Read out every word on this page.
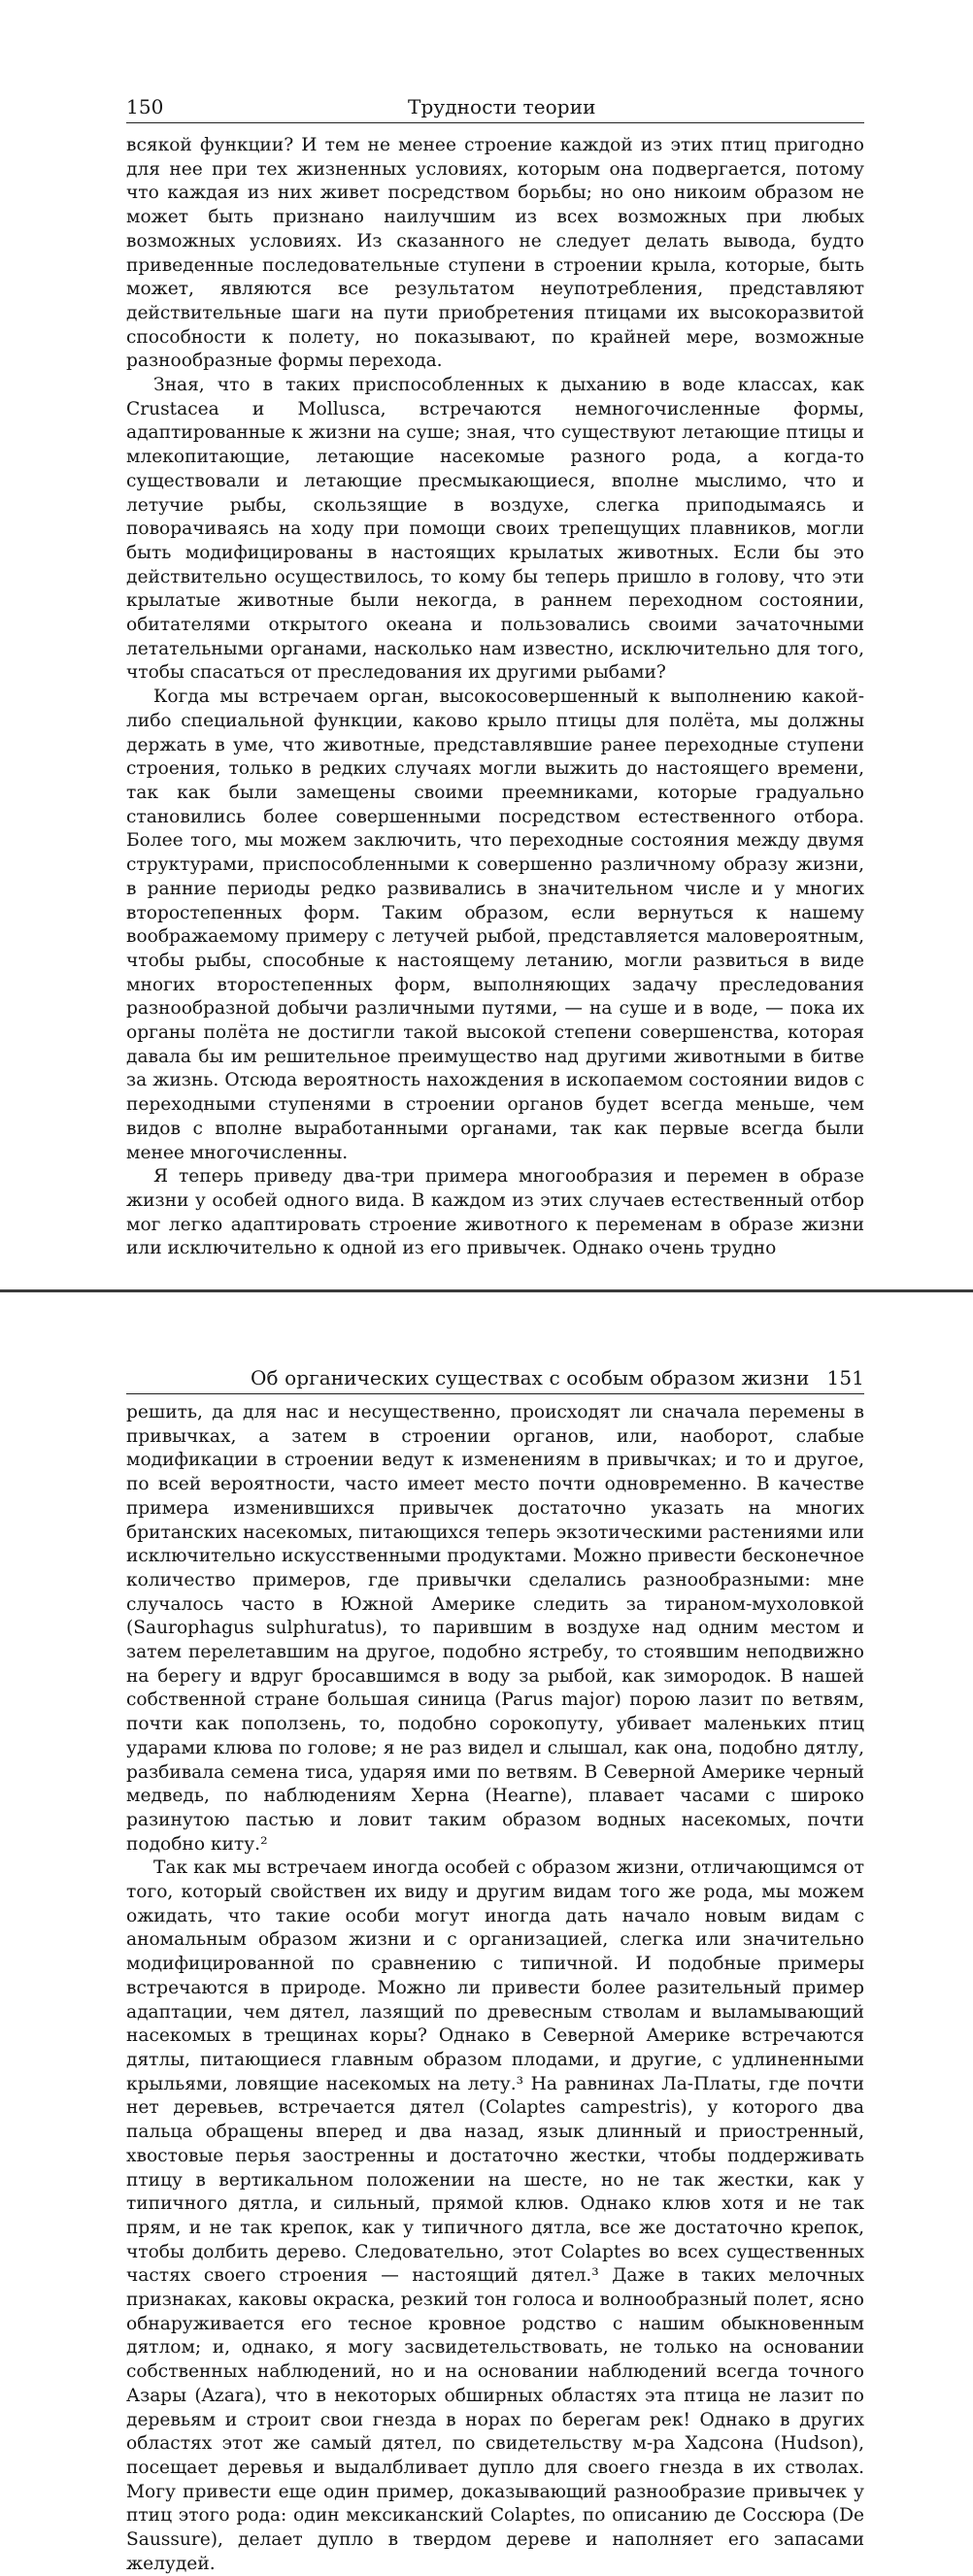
150	Трудности теории

всякой функции? И тем не менее строение каждой из этих птиц пригодно для нее при тех жизненных условиях, которым она подвергается, потому что каждая из них живет посредством борьбы; но оно никоим образом не может быть признано наилучшим из всех возможных при любых возможных условиях. Из сказанного не следует делать вывода, будто приведенные последовательные ступени в строении крыла, которые, быть может, являются все результатом неупотребления, представляют действительные шаги на пути приобретения птицами их высокоразвитой способности к полету, но показывают, по крайней мере, возможные разнообразные формы перехода.

Зная, что в таких приспособленных к дыханию в воде классах, как Crustacea и Mollusca, встречаются немногочисленные формы, адаптированные к жизни на суше; зная, что существуют летающие птицы и млекопитающие, летающие насекомые разного рода, а когда-то существовали и летающие пресмыкающиеся, вполне мыслимо, что и летучие рыбы, скользящие в воздухе, слегка приподымаясь и поворачиваясь на ходу при помощи своих трепещущих плавников, могли быть модифицированы в настоящих крылатых животных. Если бы это действительно осуществилось, то кому бы теперь пришло в голову, что эти крылатые животные были некогда, в раннем переходном состоянии, обитателями открытого океана и пользовались своими зачаточными летательными органами, насколько нам известно, исключительно для того, чтобы спасаться от преследования их другими рыбами?

Когда мы встречаем орган, высокосовершенный к выполнению какой-либо специальной функции, каково крыло птицы для полёта, мы должны держать в уме, что животные, представлявшие ранее переходные ступени строения, только в редких случаях могли выжить до настоящего времени, так как были замещены своими преемниками, которые градуально становились более совершенными посредством естественного отбора. Более того, мы можем заключить, что переходные состояния между двумя структурами, приспособленными к совершенно различному образу жизни, в ранние периоды редко развивались в значительном числе и у многих второстепенных форм. Таким образом, если вернуться к нашему воображаемому примеру с летучей рыбой, представляется маловероятным, чтобы рыбы, способные к настоящему летанию, могли развиться в виде многих второстепенных форм, выполняющих задачу преследования разнообразной добычи различными путями, — на суше и в воде, — пока их органы полёта не достигли такой высокой степени совершенства, которая давала бы им решительное преимущество над другими животными в битве за жизнь. Отсюда вероятность нахождения в ископаемом состоянии видов с переходными ступенями в строении органов будет всегда меньше, чем видов с вполне выработанными органами, так как первые всегда были менее многочисленны.

Я теперь приведу два-три примера многообразия и перемен в образе жизни у особей одного вида. В каждом из этих случаев естественный отбор мог легко адаптировать строение животного к переменам в образе жизни или исключительно к одной из его привычек. Однако очень трудно

Об органических существах с особым образом жизни 151

решить, да для нас и несущественно, происходят ли сначала перемены в привычках, а затем в строении органов, или, наоборот, слабые модификации в строении ведут к изменениям в привычках; и то и другое, по всей вероятности, часто имеет место почти одновременно. В качестве примера изменившихся привычек достаточно указать на многих британских насекомых, питающихся теперь экзотическими растениями или исключительно искусственными продуктами. Можно привести бесконечное количество примеров, где привычки сделались разнообразными: мне случалось часто в Южной Америке следить за тираном-мухоловкой (Saurophagus sulphuratus), то парившим в воздухе над одним местом и затем перелетавшим на другое, подобно ястребу, то стоявшим неподвижно на берегу и вдруг бросавшимся в воду за рыбой, как зимородок. В нашей собственной стране большая синица (Parus major) порою лазит по ветвям, почти как поползень, то, подобно сорокопуту, убивает маленьких птиц ударами клюва по голове; я не раз видел и слышал, как она, подобно дятлу, разбивала семена тиса, ударяя ими по ветвям. В Северной Америке черный медведь, по наблюдениям Херна (Hearne), плавает часами с широко разинутою пастью и ловит таким образом водных насекомых, почти подобно киту.²

Так как мы встречаем иногда особей с образом жизни, отличающимся от того, который свойствен их виду и другим видам того же рода, мы можем ожидать, что такие особи могут иногда дать начало новым видам с аномальным образом жизни и с организацией, слегка или значительно модифицированной по сравнению с типичной. И подобные примеры встречаются в природе. Можно ли привести более разительный пример адаптации, чем дятел, лазящий по древесным стволам и выламывающий насекомых в трещинах коры? Однако в Северной Америке встречаются дятлы, питающиеся главным образом плодами, и другие, с удлиненными крыльями, ловящие насекомых на лету.³ На равнинах Ла-Платы, где почти нет деревьев, встречается дятел (Colaptes campestris), у которого два пальца обращены вперед и два назад, язык длинный и приостренный, хвостовые перья заостренны и достаточно жестки, чтобы поддерживать птицу в вертикальном положении на шесте, но не так жестки, как у типичного дятла, и сильный, прямой клюв. Однако клюв хотя и не так прям, и не так крепок, как у типичного дятла, все же достаточно крепок, чтобы долбить дерево. Следовательно, этот Colaptes во всех существенных частях своего строения — настоящий дятел.³ Даже в таких мелочных признаках, каковы окраска, резкий тон голоса и волнообразный полет, ясно обнаруживается его тесное кровное родство с нашим обыкновенным дятлом; и, однако, я могу засвидетельствовать, не только на основании собственных наблюдений, но и на основании наблюдений всегда точного Азары (Azara), что в некоторых обширных областях эта птица не лазит по деревьям и строит свои гнезда в норах по берегам рек! Однако в других областях этот же самый дятел, по свидетельству м-ра Хадсона (Hudson), посещает деревья и выдалбливает дупло для своего гнезда в их стволах. Могу привести еще один пример, доказывающий разнообразие привычек у птиц этого рода: один мексиканский Colaptes, по описанию де Соссюра (De Saussure), делает дупло в твердом дереве и наполняет его запасами желудей.
